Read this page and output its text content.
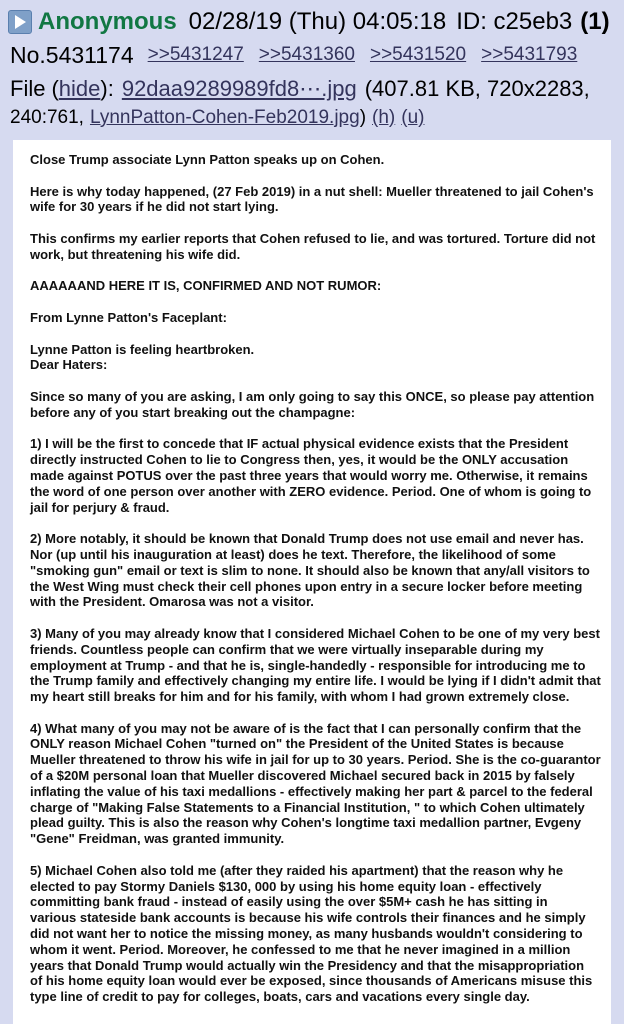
Anonymous 02/28/19 (Thu) 04:05:18 ID: c25eb3 (1)
No.5431174 >>5431247 >>5431360 >>5431520 >>5431793
File ( hide ): 92daa9289989fd8⋯.jpg (407.81 KB, 720x2283,
240:761, LynnPatton-Cohen-Feb2019.jpg ) (h) (u)
Close Trump associate Lynn Patton speaks up on Cohen.
Here is why today happened, (27 Feb 2019) in a nut shell: Mueller threatened to jail Cohen's
wife for 30 years if he did not start lying.
This confirms my earlier reports that Cohen refused to lie, and was tortured. Torture did not
work, but threatening his wife did.
AAAAAAND HERE IT IS, CONFIRMED AND NOT RUMOR:
From Lynne Patton's Faceplant:
Lynne Patton is feeling heartbroken.
Dear Haters:
Since so many of you are asking, I am only going to say this ONCE, so please pay attention
before any of you start breaking out the champagne:
1) I will be the first to concede that IF actual physical evidence exists that the President
directly instructed Cohen to lie to Congress then, yes, it would be the ONLY accusation
made against POTUS over the past three years that would worry me. Otherwise, it remains
the word of one person over another with ZERO evidence. Period. One of whom is going to
jail for perjury & fraud.
2) More notably, it should be known that Donald Trump does not use email and never has.
Nor (up until his inauguration at least) does he text. Therefore, the likelihood of some
"smoking gun" email or text is slim to none. It should also be known that any/all visitors to
the West Wing must check their cell phones upon entry in a secure locker before meeting
with the President. Omarosa was not a visitor.
3) Many of you may already know that I considered Michael Cohen to be one of my very best
friends. Countless people can confirm that we were virtually inseparable during my
employment at Trump - and that he is, single-handedly - responsible for introducing me to
the Trump family and effectively changing my entire life. I would be lying if I didn't admit that
my heart still breaks for him and for his family, with whom I had grown extremely close.
4) What many of you may not be aware of is the fact that I can personally confirm that the
ONLY reason Michael Cohen "turned on" the President of the United States is because
Mueller threatened to throw his wife in jail for up to 30 years. Period. She is the co-guarantor
of a $20M personal loan that Mueller discovered Michael secured back in 2015 by falsely
inflating the value of his taxi medallions - effectively making her part & parcel to the federal
charge of "Making False Statements to a Financial Institution, " to which Cohen ultimately
plead guilty. This is also the reason why Cohen's longtime taxi medallion partner, Evgeny
"Gene" Freidman, was granted immunity.
5) Michael Cohen also told me (after they raided his apartment) that the reason why he
elected to pay Stormy Daniels $130, 000 by using his home equity loan - effectively
committing bank fraud - instead of easily using the over $5M+ cash he has sitting in
various stateside bank accounts is because his wife controls their finances and he simply
did not want her to notice the missing money, as many husbands wouldn't considering to
whom it went. Period. Moreover, he confessed to me that he never imagined in a million
years that Donald Trump would actually win the Presidency and that the misappropriation
of his home equity loan would ever be exposed, since thousands of Americans misuse this
type line of credit to pay for colleges, boats, cars and vacations every single day.
